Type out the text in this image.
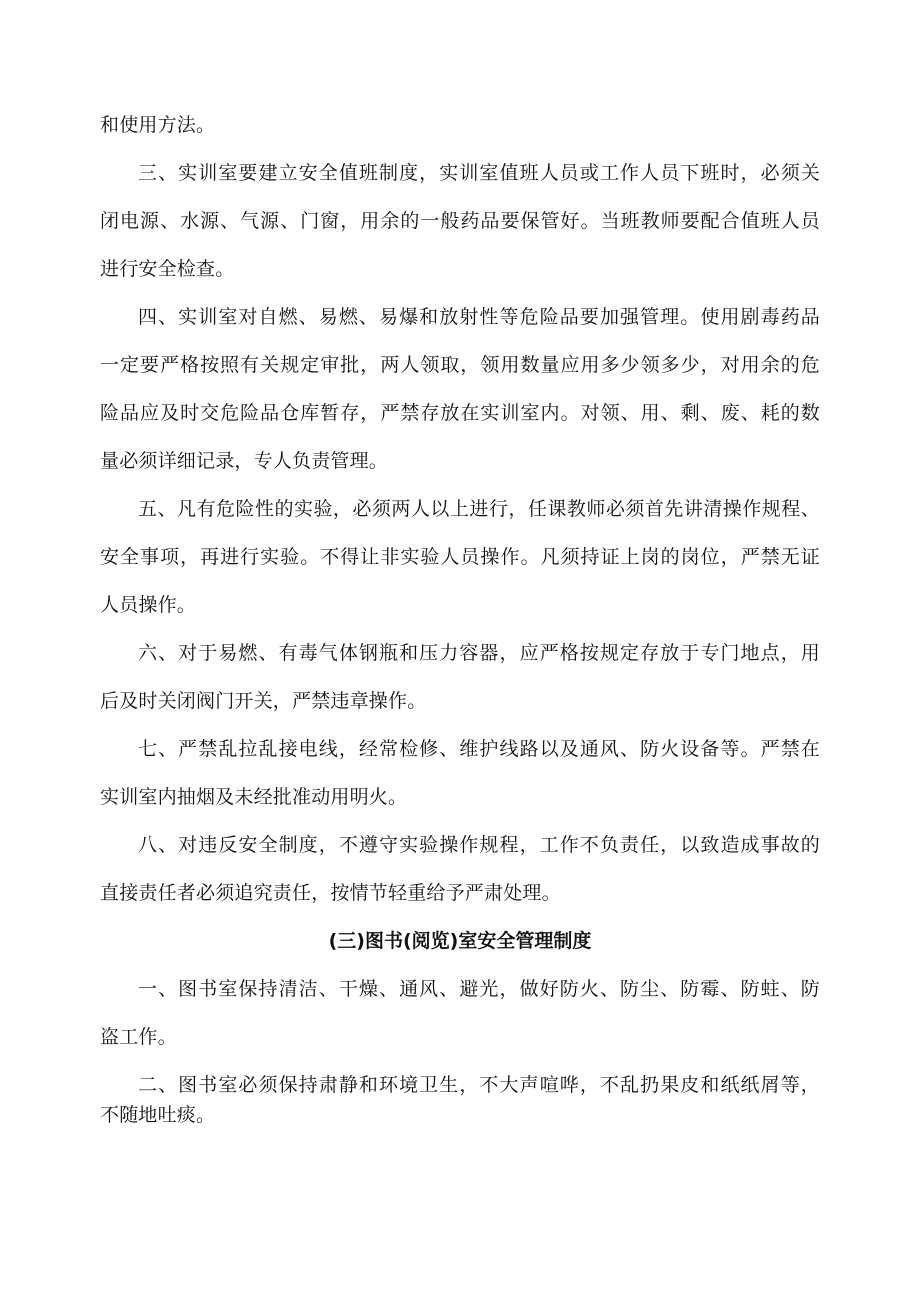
和使用方法。
三、实训室要建立安全值班制度，实训室值班人员或工作人员下班时，必须关
闭电源、水源、气源、门窗，用余的一般药品要保管好。当班教师要配合值班人员
进行安全检查。
四、实训室对自燃、易燃、易爆和放射性等危险品要加强管理。使用剧毒药品
一定要严格按照有关规定审批，两人领取，领用数量应用多少领多少，对用余的危
险品应及时交危险品仓库暂存，严禁存放在实训室内。对领、用、剩、废、耗的数
量必须详细记录，专人负责管理。
五、凡有危险性的实验，必须两人以上进行，任课教师必须首先讲清操作规程、
安全事项，再进行实验。不得让非实验人员操作。凡须持证上岗的岗位，严禁无证
人员操作。
六、对于易燃、有毒气体钢瓶和压力容器，应严格按规定存放于专门地点，用
后及时关闭阀门开关，严禁违章操作。
七、严禁乱拉乱接电线，经常检修、维护线路以及通风、防火设备等。严禁在
实训室内抽烟及未经批准动用明火。
八、对违反安全制度，不遵守实验操作规程，工作不负责任，以致造成事故的
直接责任者必须追究责任，按情节轻重给予严肃处理。
(三)图书(阅览)室安全管理制度
一、图书室保持清洁、干燥、通风、避光，做好防火、防尘、防霉、防蛀、防
盗工作。
二、图书室必须保持肃静和环境卫生，不大声喧哗，不乱扔果皮和纸纸屑等，
不随地吐痰。
